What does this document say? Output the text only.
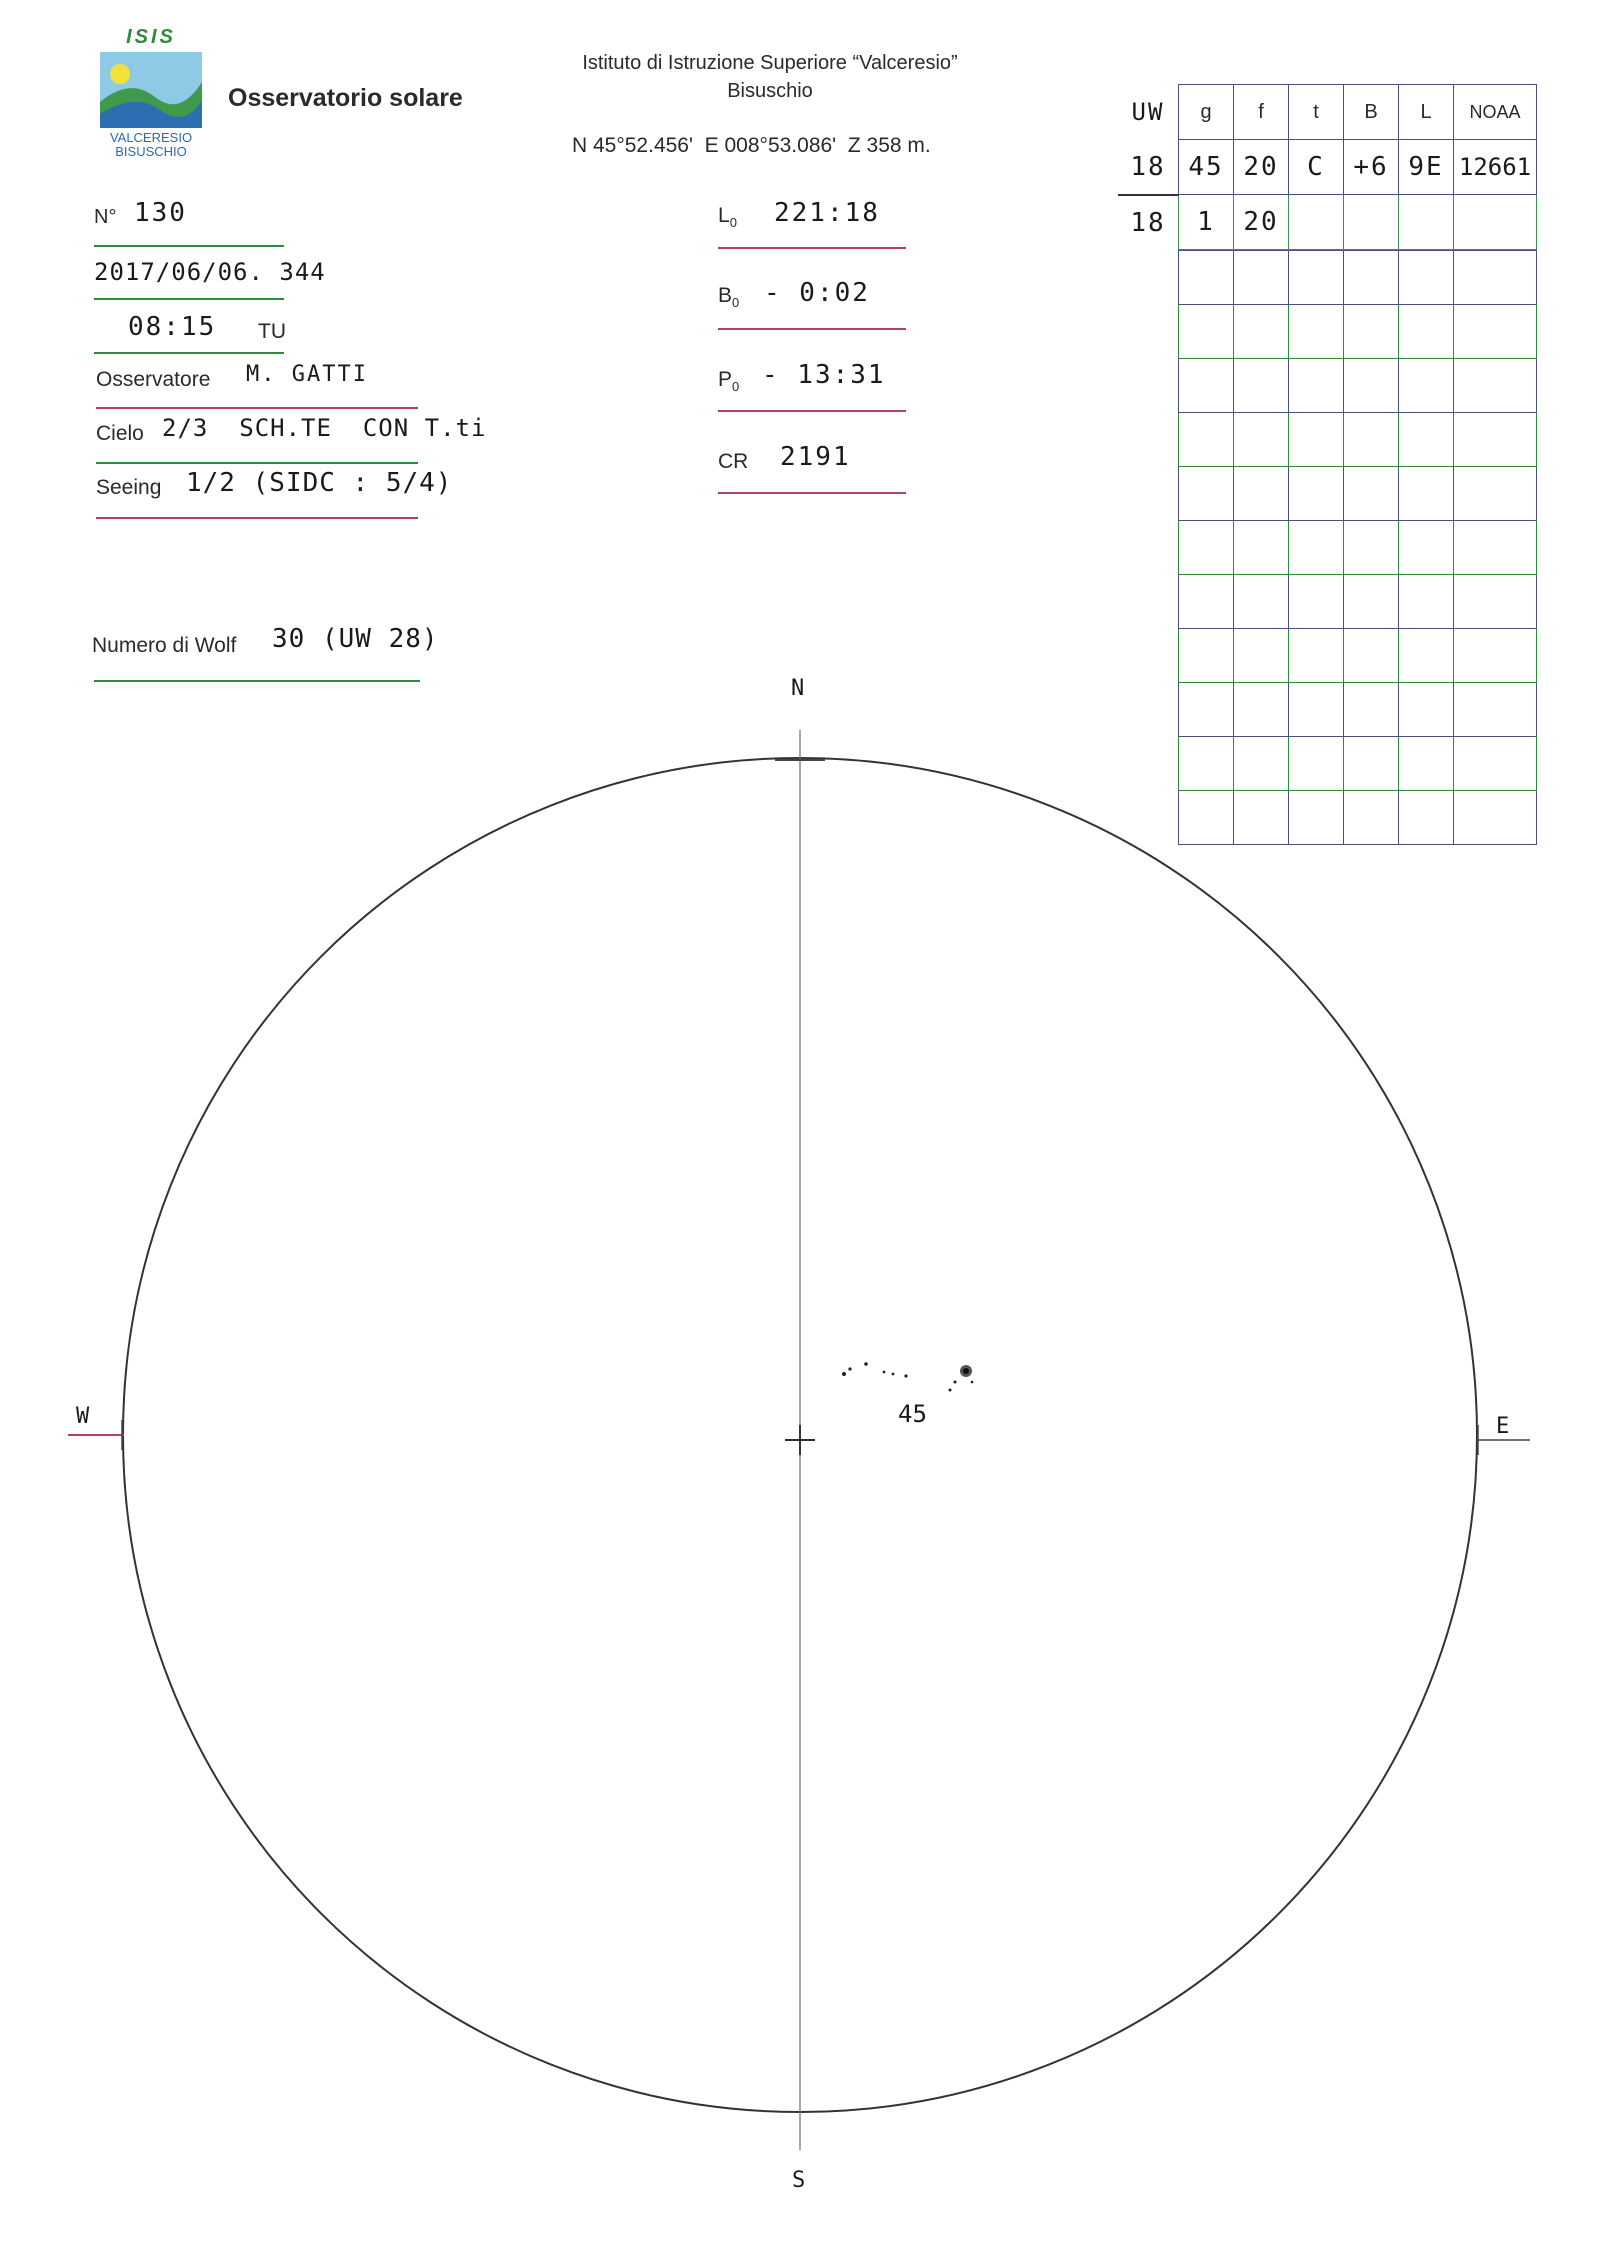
ISIS
VALCERESIO
BISUSCHIO
Osservatorio solare
Istituto di Istruzione Superiore “Valceresio”
Bisuschio
N 45°52.456'  E 008°53.086'  Z 358 m.
N° 130
2017/06/06. 344
08:15 TU
Osservatore M. GATTI
Cielo 2/3  SCH.TE  CON T.ti
Seeing 1/2 (SIDC : 5/4)
Numero di Wolf 30 (UW 28)
$L_0$ 221:18
$B_0$ - 0:02
$P_0$ - 13:31
CR 2191
UW	g	f	t	B	L	NOAA
18	45	20	C	+6	9E	12661
18	1	20				

N
S
W	E
45
